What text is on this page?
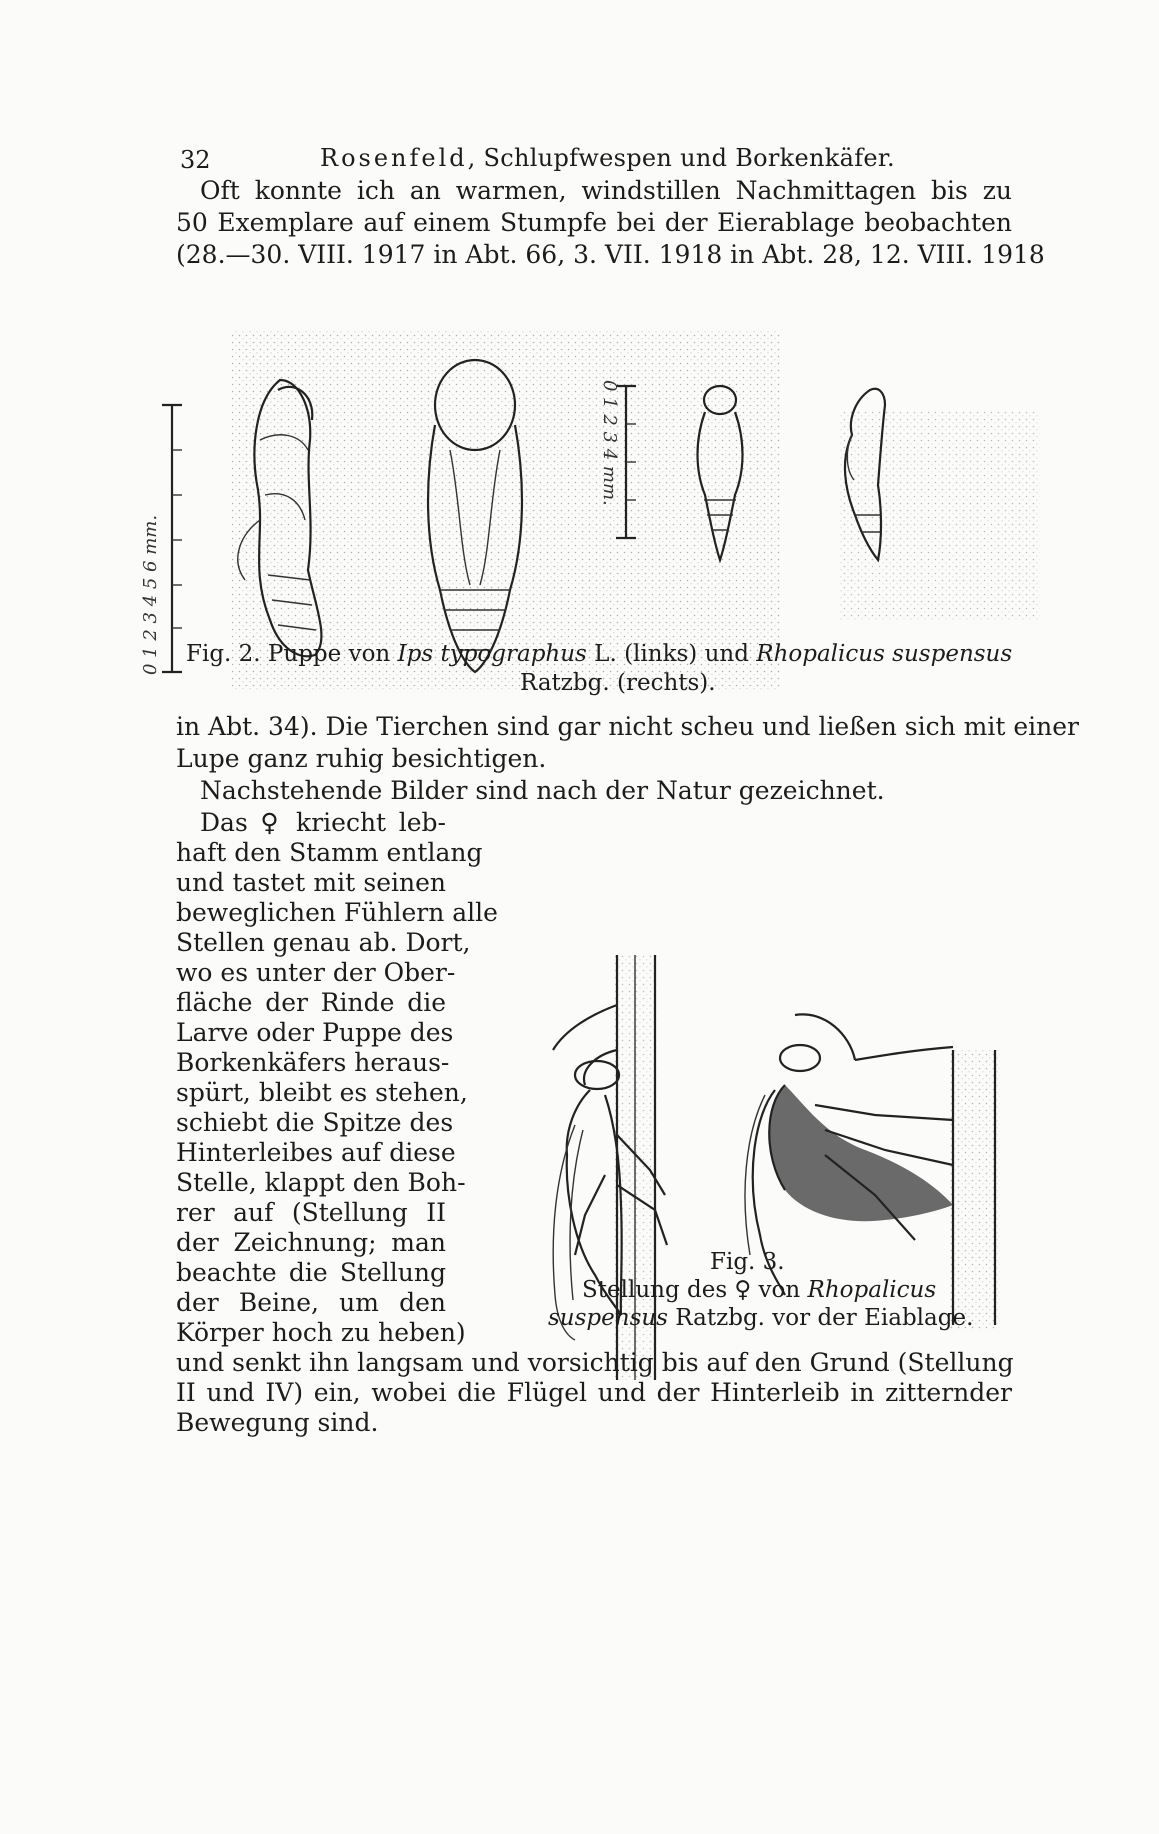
32	Rosenfeld, Schlupfwespen und Borkenkäfer.
Oft konnte ich an warmen, windstillen Nachmittagen bis zu
50 Exemplare auf einem Stumpfe bei der Eierablage beobachten
(28.—30. VIII. 1917 in Abt. 66, 3. VII. 1918 in Abt. 28, 12. VIII. 1918
0 1 2 3 4 5 6 mm.
0 1 2 3 4 mm.
Fig. 2. Puppe von Ips typographus L. (links) und Rhopalicus suspensus
Ratzbg. (rechts).
in Abt. 34). Die Tierchen sind gar nicht scheu und ließen sich mit einer
Lupe ganz ruhig besichtigen.
Nachstehende Bilder sind nach der Natur gezeichnet.
Das ♀ kriecht leb-
haft den Stamm entlang
und tastet mit seinen
beweglichen Fühlern alle
Stellen genau ab. Dort,
wo es unter der Ober-
fläche der Rinde die
Larve oder Puppe des
Borkenkäfers heraus-
spürt, bleibt es stehen,
schiebt die Spitze des
Hinterleibes auf diese
Stelle, klappt den Boh-
rer auf (Stellung II
der Zeichnung; man
beachte die Stellung
der Beine, um den
Körper hoch zu heben)
Fig. 3.
Stellung des ♀ von Rhopalicus
suspensus Ratzbg. vor der Eiablage.
und senkt ihn langsam und vorsichtig bis auf den Grund (Stellung
II und IV) ein, wobei die Flügel und der Hinterleib in zitternder
Bewegung sind.
